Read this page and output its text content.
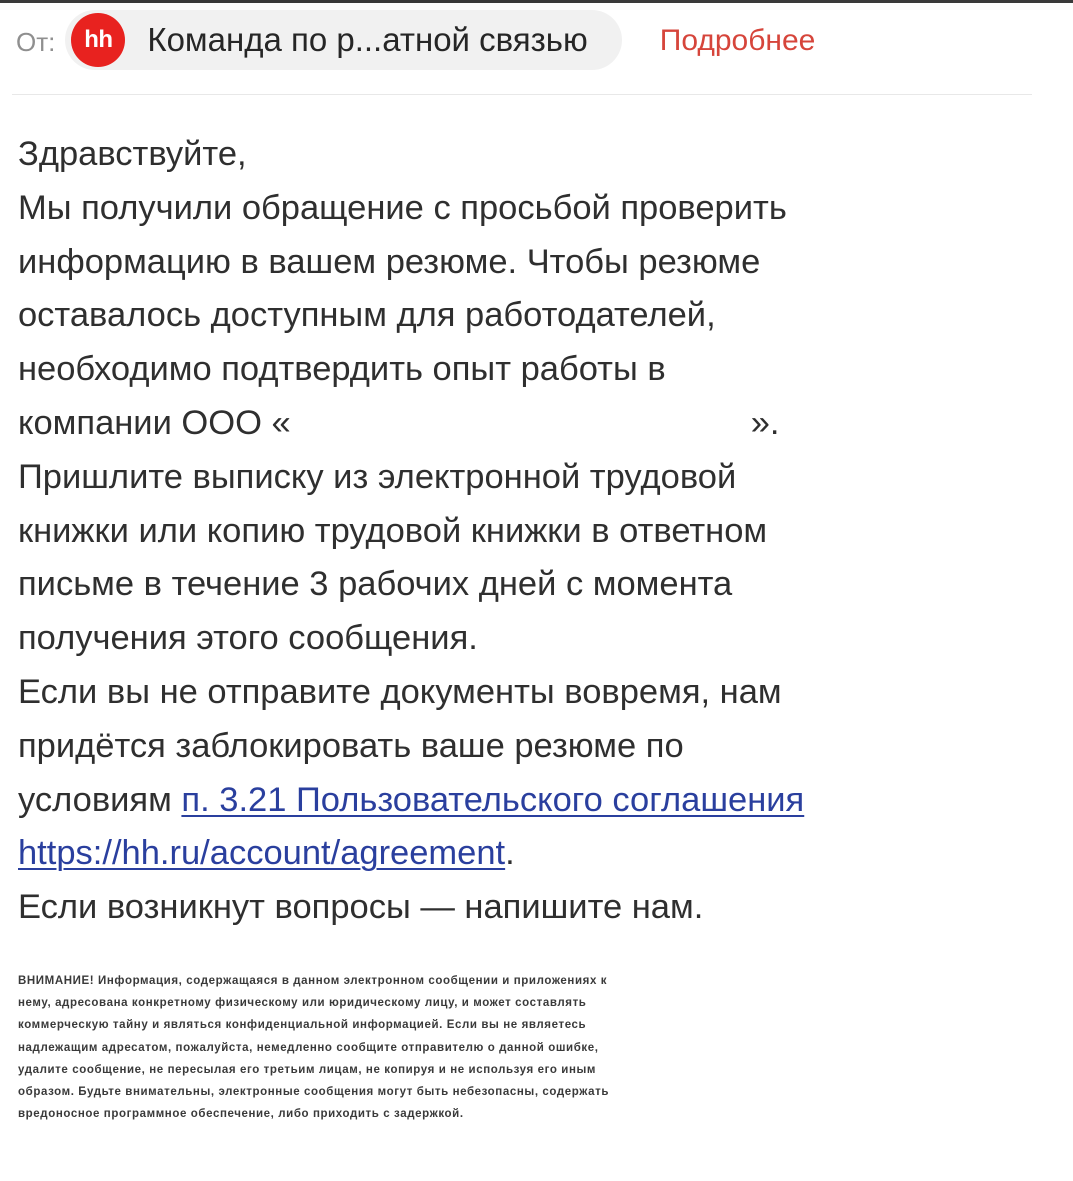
От:	hh	Команда по р...атной связью Подробнее
Здравствуйте,
Мы получили обращение с просьбой проверить
информацию в вашем резюме. Чтобы резюме
оставалось доступным для работодателей,
необходимо подтвердить опыт работы в
компании ООО «	».
Пришлите выписку из электронной трудовой
книжки или копию трудовой книжки в ответном
письме в течение 3 рабочих дней с момента
получения этого сообщения.
Если вы не отправите документы вовремя, нам
придётся заблокировать ваше резюме по
условиям п. 3.21 Пользовательского соглашения
https://hh.ru/account/agreement.
Если возникнут вопросы — напишите нам.
ВНИМАНИЕ! Информация, содержащаяся в данном электронном сообщении и приложениях к
нему, адресована конкретному физическому или юридическому лицу, и может составлять
коммерческую тайну и являться конфиденциальной информацией. Если вы не являетесь
надлежащим адресатом, пожалуйста, немедленно сообщите отправителю о данной ошибке,
удалите сообщение, не пересылая его третьим лицам, не копируя и не используя его иным
образом. Будьте внимательны, электронные сообщения могут быть небезопасны, содержать
вредоносное программное обеспечение, либо приходить с задержкой.
